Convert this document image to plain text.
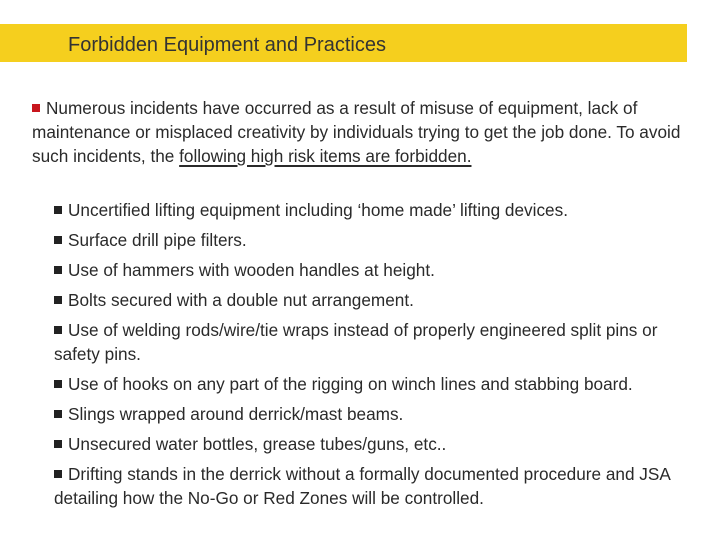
Forbidden Equipment and Practices
Numerous incidents have occurred as a result of misuse of equipment, lack of maintenance or misplaced creativity by individuals trying to get the job done. To avoid such incidents, the following high risk items are forbidden.
Uncertified lifting equipment including ‘home made’ lifting devices.
Surface drill pipe filters.
Use of hammers with wooden handles at height.
Bolts secured with a double nut arrangement.
Use of welding rods/wire/tie wraps instead of properly engineered split pins or safety pins.
Use of hooks on any part of the rigging on winch lines and stabbing board.
Slings wrapped around derrick/mast beams.
Unsecured water bottles, grease tubes/guns, etc..
Drifting stands in the derrick without a formally documented procedure and JSA detailing how the No-Go or Red Zones will be controlled.
